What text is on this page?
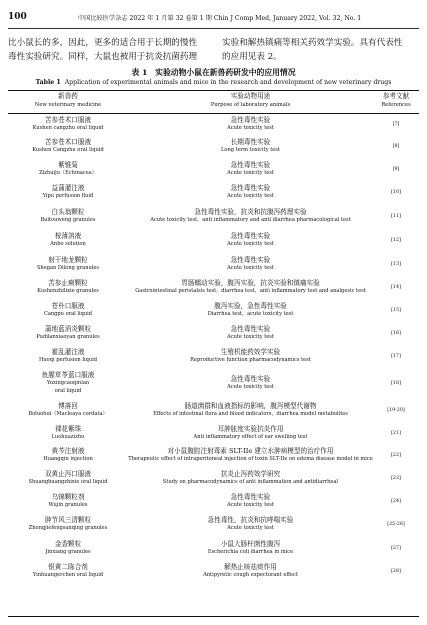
100	中国比较医学杂志 2022 年 1 月第 32 卷第 1 期 Chin J Comp Med, January 2022, Vol. 32, No. 1
比小鼠长的多，因此，更多的适合用于长期的慢性
毒性实验研究。同样，大鼠也被用于抗炎抗菌药理
实验和解热镇痛等相关药效学实验。具有代表性
的应用见表 2。
表 1　实验动物小鼠在新兽药研发中的应用情况
Table 1 Application of experimental animals and mice in the research and development of new veterinary drugs
新兽药
New veterinary medicine
实验动物用途
Purpose of laboratory animals
参考文献
References
苦参苍术口服液
Kushen cangzhu oral liquid
急性毒性实验
Acute toxicity test
[7]
苦参苍术口服液
Kushen Cangzhu oral liquid
长期毒性实验
Long term toxicity test
[8]
紫锥菊
Zizhuiju（Echinacea）
急性毒性实验
Acute toxicity test
[9]
益蒲灌注液
Yipu perfusion fluid
急性毒性实验
Acute toxicity test
[10]
白头翁颗粒
Baitouweng granules
急性毒性实验，抗炎和抗腹泻药理实验
Acute toxicity test，anti inflammatory and anti diarrhea pharmacological test
[11]
桉薄溶液
Anbo solution
急性毒性实验
Acute toxicity test
[12]
射干地龙颗粒
Shegan Dilong granules
急性毒性实验
Acute toxicity test
[13]
苦参止痢颗粒
Kushenzhilixie granules
胃肠蠕动实验，腹泻实验，抗炎实验和镇痛实验
Gastrointestinal peristalsis test，diarrhea test，anti inflammatory test and analgesic test
[14]
苍朴口服液
Cangpu oral liquid
腹泻实验，急性毒性实验
Diarrhea test，acute toxicity test
[15]
蒲地蓝消炎颗粒
Pudilanxiaoyan granules
急性毒性实验
Acute toxicity test
[16]
霍乱灌注液
Huoqi perfusion liquid
生殖机能药效学实验
Reproductive function pharmacodynamics test
[17]
鱼腥草苓蓝口服液
Yuxingcaoqinlan
oral liquid
急性毒性实验
Acute toxicity test
[18]
博落回
Boluohui（Macleaya cordata）
肠道菌群和血液指标的影响，腹泻模型代谢物
Effects of intestinal flora and blood indicators，diarrhea model metabolites
[19-20]
裸花紫珠
Luohuazizhu
耳肿胀度实验抗炎作用
Anti inflammatory effect of ear swelling test
[21]
黄芩注射液
Huangqin injection
对小鼠腹腔注射毒素 SLT-IIe 建立水肿病模型的治疗作用
Therapeutic effect of intraperitoneal injection of toxin SLT-IIe on edema disease model in mice
[22]
双黄止泻口服液
Shuanghuangzhixie oral liquid
抗炎止泻药效学研究
Study on pharmacodynamics of anti inflammation and antidiarrheal
[23]
乌锦颗粒剂
Wujin granules
急性毒性实验
Acute toxicity test
[24]
肿节风三清颗粒
Zhongjiefengsanqing granules
急性毒性，抗炎和抗哮喘实验
Acute toxicity test
[25-26]
金香颗粒
Jinxiang granules
小鼠大肠杆菌性腹泻
Escherichia coli diarrhea in mice
[27]
银黄二陈合剂
Yinhuangerchen oral liquid
解热止咳祛痰作用
Antipyretic cough expectorant effect
[28]
